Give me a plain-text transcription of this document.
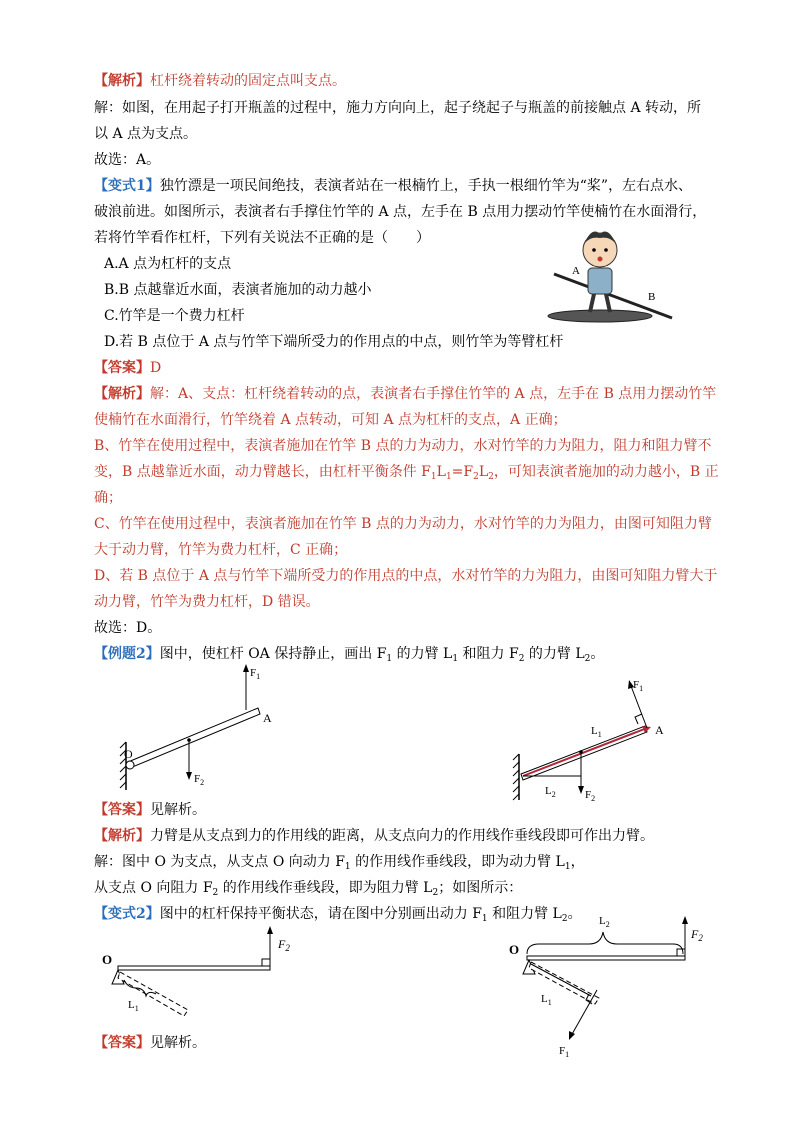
【解析】杠杆绕着转动的固定点叫支点。
解：如图，在用起子打开瓶盖的过程中，施力方向向上，起子绕起子与瓶盖的前接触点 A 转动，所
以 A 点为支点。
故选：A。
【变式1】独竹漂是一项民间绝技，表演者站在一根楠竹上，手执一根细竹竿为“桨”，左右点水、
破浪前进。如图所示，表演者右手撑住竹竿的 A 点，左手在 B 点用力摆动竹竿使楠竹在水面滑行，
若将竹竿看作杠杆，下列有关说法不正确的是（　　）
A.A 点为杠杆的支点
B.B 点越靠近水面，表演者施加的动力越小
C.竹竿是一个费力杠杆
D.若 B 点位于 A 点与竹竿下端所受力的作用点的中点，则竹竿为等臂杠杆
A
B
【答案】D
【解析】解：A、支点：杠杆绕着转动的点，表演者右手撑住竹竿的 A 点，左手在 B 点用力摆动竹竿
使楠竹在水面滑行，竹竿绕着 A 点转动，可知 A 点为杠杆的支点，A 正确；
B、竹竿在使用过程中，表演者施加在竹竿 B 点的力为动力，水对竹竿的力为阻力，阻力和阻力臂不
变，B 点越靠近水面，动力臂越长，由杠杆平衡条件 $F_1L_1=F_2L_2$，可知表演者施加的动力越小，B 正
确；
C、竹竿在使用过程中，表演者施加在竹竿 B 点的力为动力，水对竹竿的力为阻力，由图可知阻力臂
大于动力臂，竹竿为费力杠杆，C 正确；
D、若 B 点位于 A 点与竹竿下端所受力的作用点的中点，水对竹竿的力为阻力，由图可知阻力臂大于
动力臂，竹竿为费力杠杆，D 错误。
故选：D。
【例题2】图中，使杠杆 OA 保持静止，画出 $F_1$ 的力臂 $L_1$ 和阻力 $F_2$ 的力臂 $L_2$。
O
A
$F_1$
$F_2$
$F_1$
$L_1$	A
$L_2$	$F_2$
【答案】见解析。
【解析】力臂是从支点到力的作用线的距离，从支点向力的作用线作垂线段即可作出力臂。
解：图中 O 为支点，从支点 O 向动力 $F_1$ 的作用线作垂线段，即为动力臂 $L_1$，
从支点 O 向阻力 $F_2$ 的作用线作垂线段，即为阻力臂 $L_2$；如图所示：
【变式2】图中的杠杆保持平衡状态，请在图中分别画出动力 $F_1$ 和阻力臂 $L_2$。
O
$F_2$
$L_1$
O
$L_2$
$F_2$
$L_1$
$F_1$
【答案】见解析。
